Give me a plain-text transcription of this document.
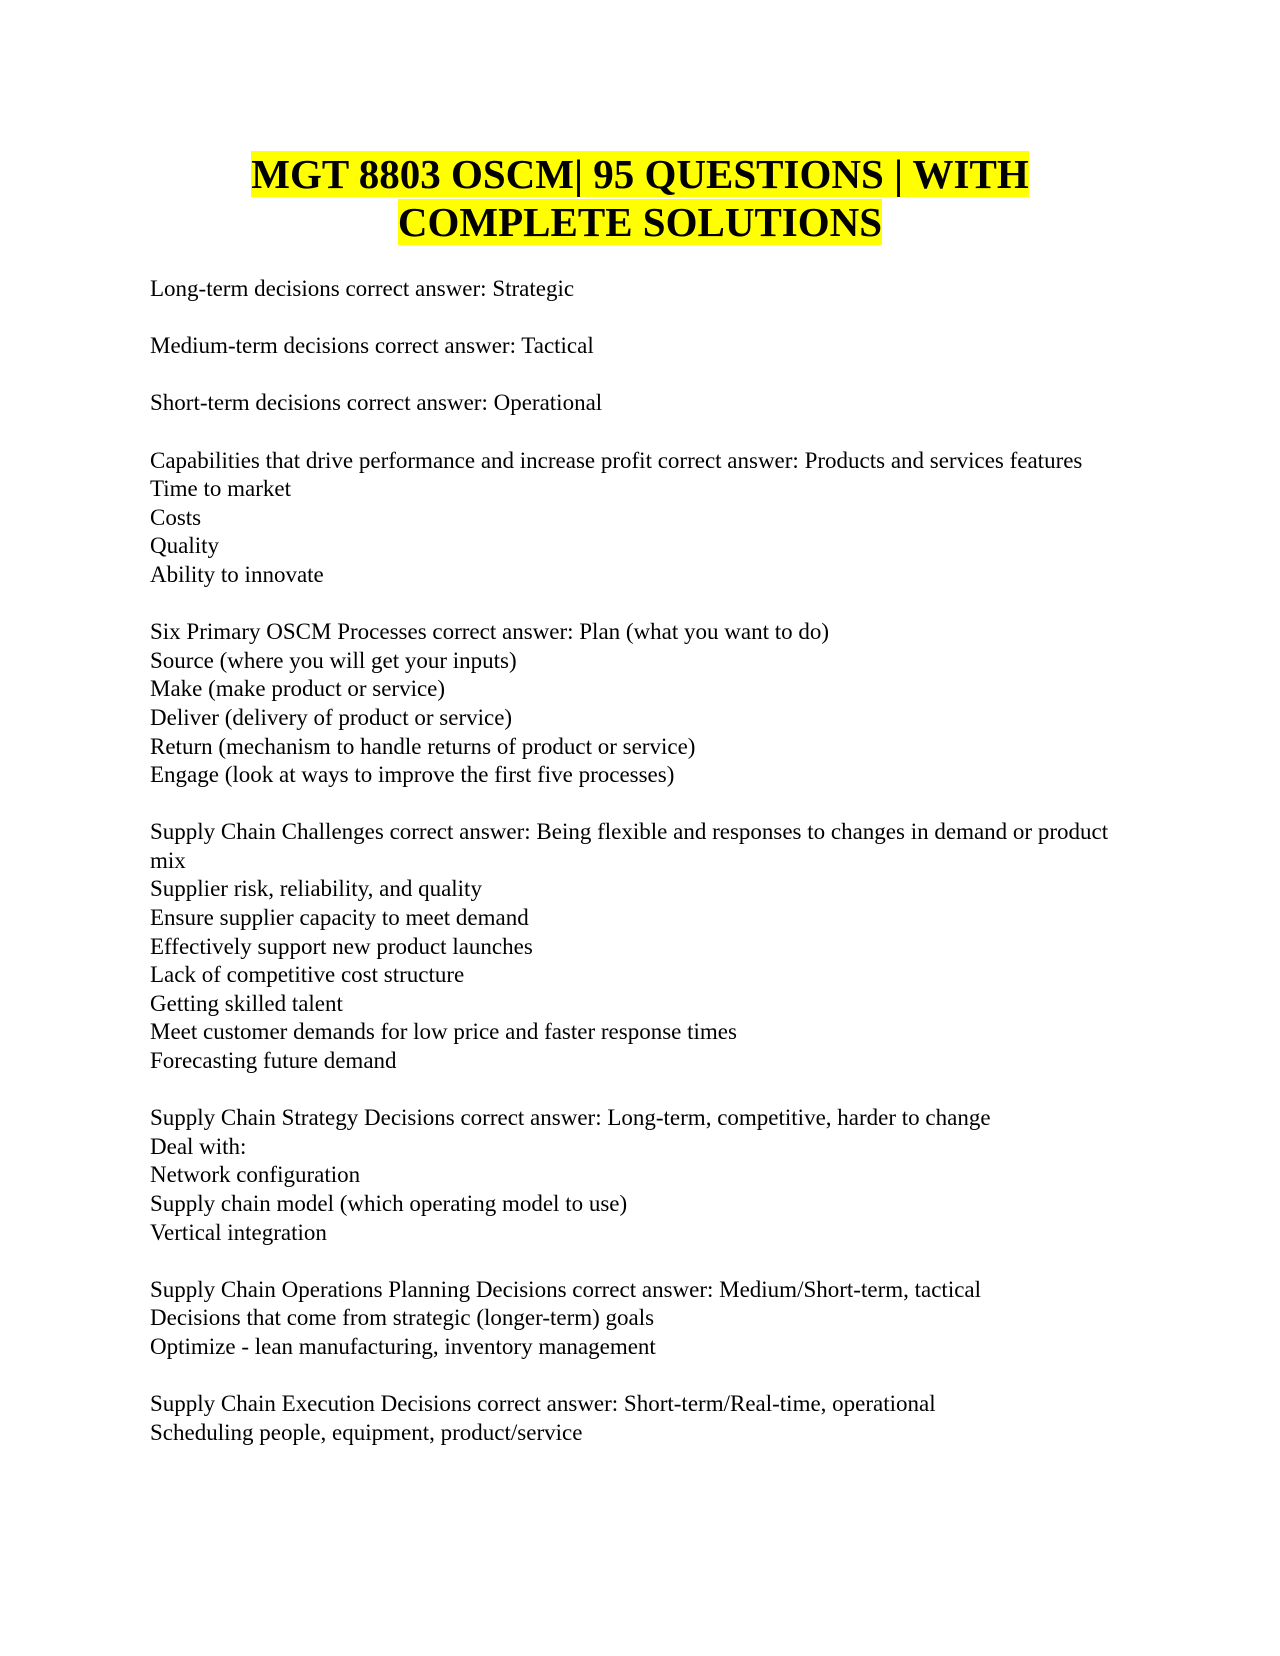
MGT 8803 OSCM| 95 QUESTIONS | WITH
COMPLETE SOLUTIONS
Long-term decisions correct answer: Strategic
Medium-term decisions correct answer: Tactical
Short-term decisions correct answer: Operational
Capabilities that drive performance and increase profit correct answer: Products and services features
Time to market
Costs
Quality
Ability to innovate
Six Primary OSCM Processes correct answer: Plan (what you want to do)
Source (where you will get your inputs)
Make (make product or service)
Deliver (delivery of product or service)
Return (mechanism to handle returns of product or service)
Engage (look at ways to improve the first five processes)
Supply Chain Challenges correct answer: Being flexible and responses to changes in demand or product mix
Supplier risk, reliability, and quality
Ensure supplier capacity to meet demand
Effectively support new product launches
Lack of competitive cost structure
Getting skilled talent
Meet customer demands for low price and faster response times
Forecasting future demand
Supply Chain Strategy Decisions correct answer: Long-term, competitive, harder to change
Deal with:
Network configuration
Supply chain model (which operating model to use)
Vertical integration
Supply Chain Operations Planning Decisions correct answer: Medium/Short-term, tactical
Decisions that come from strategic (longer-term) goals
Optimize - lean manufacturing, inventory management
Supply Chain Execution Decisions correct answer: Short-term/Real-time, operational
Scheduling people, equipment, product/service
